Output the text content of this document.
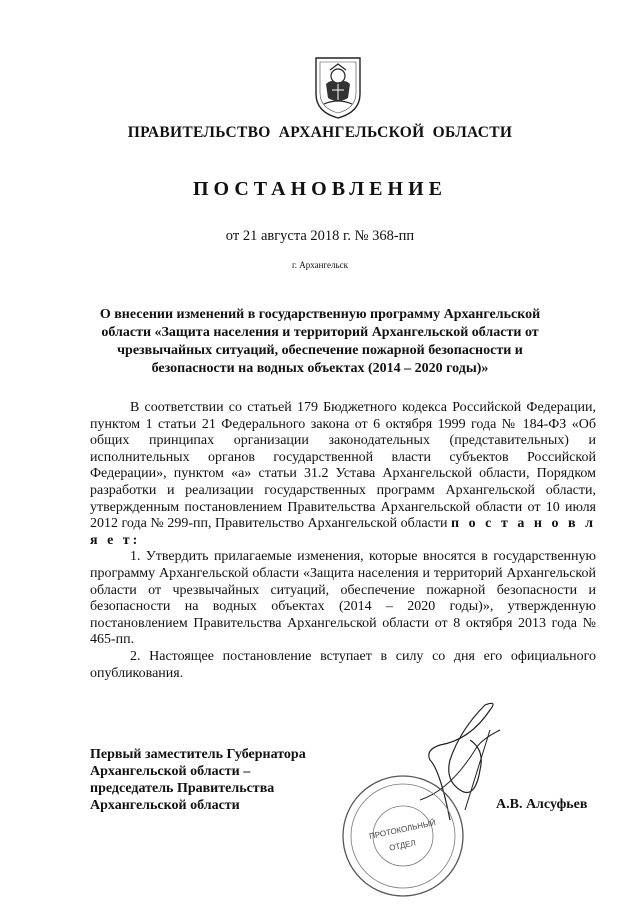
ПРАВИТЕЛЬСТВО АРХАНГЕЛЬСКОЙ ОБЛАСТИ
ПОСТАНОВЛЕНИЕ
от 21 августа 2018 г. № 368-пп
г. Архангельск
О внесении изменений в государственную программу Архангельской области «Защита населения и территорий Архангельской области от чрезвычайных ситуаций, обеспечение пожарной безопасности и безопасности на водных объектах (2014 – 2020 годы)»

В соответствии со статьей 179 Бюджетного кодекса Российской Федерации, пунктом 1 статьи 21 Федерального закона от 6 октября 1999 года № 184-ФЗ «Об общих принципах организации законодательных (представительных) и исполнительных органов государственной власти субъектов Российской Федерации», пунктом «а» статьи 31.2 Устава Архангельской области, Порядком разработки и реализации государственных программ Архангельской области, утвержденным постановлением Правительства Архангельской области от 10 июля 2012 года № 299-пп, Правительство Архангельской области п о с т а н о в л я е т:

1. Утвердить прилагаемые изменения, которые вносятся в государственную программу Архангельской области «Защита населения и территорий Архангельской области от чрезвычайных ситуаций, обеспечение пожарной безопасности и безопасности на водных объектах (2014 – 2020 годы)», утвержденную постановлением Правительства Архангельской области от 8 октября 2013 года № 465-пп.

2. Настоящее постановление вступает в силу со дня его официального опубликования.

ПРОТОКОЛЬНЫЙ
ОТДЕЛ
Первый заместитель Губернатора
Архангельской области –
председатель Правительства
Архангельской области	А.В. Алсуфьев
